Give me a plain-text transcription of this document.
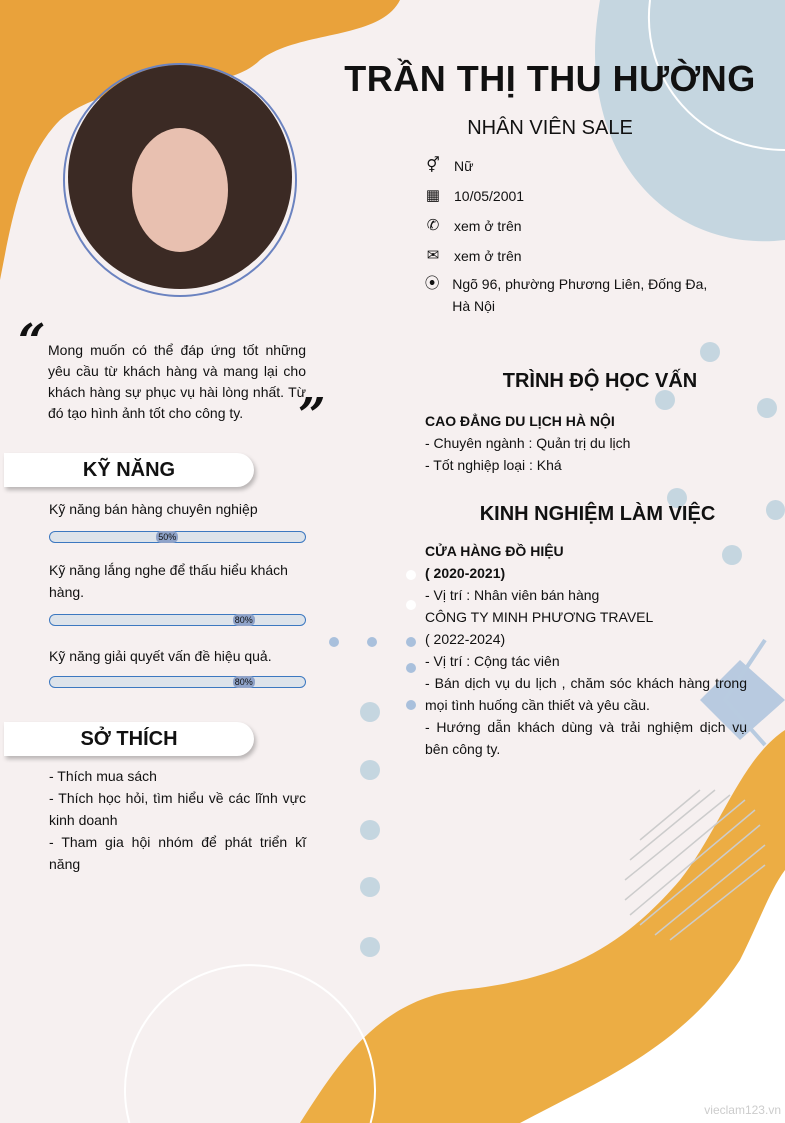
TRẦN THỊ THU HƯỜNG
NHÂN VIÊN SALE
⚥ Nữ
▦ 10/05/2001
✆ xem ở trên
✉ xem ở trên
⦿ Ngõ 96, phường Phương Liên, Đống Đa, Hà Nội
“ Mong muốn có thể đáp ứng tốt những yêu cầu từ khách hàng và mang lại cho khách hàng sự phục vụ hài lòng nhất. Từ đó tạo hình ảnh tốt cho công ty.	”
KỸ NĂNG
Kỹ năng bán hàng chuyên nghiệp
50%
Kỹ năng lắng nghe để thấu hiểu khách hàng.
80%
Kỹ năng giải quyết vấn đề hiệu quả.
80%
SỞ THÍCH
- Thích mua sách
- Thích học hỏi, tìm hiểu về các lĩnh vực kinh doanh
- Tham gia hội nhóm để phát triển kĩ năng
TRÌNH ĐỘ HỌC VẤN
CAO ĐẲNG DU LỊCH HÀ NỘI
- Chuyên ngành : Quản trị du lịch
- Tốt nghiệp loại : Khá
KINH NGHIỆM LÀM VIỆC
CỬA HÀNG ĐỒ HIỆU
( 2020-2021)
- Vị trí : Nhân viên bán hàng
CÔNG TY MINH PHƯƠNG TRAVEL
( 2022-2024)
- Vị trí : Cộng tác viên
- Bán dịch vụ du lịch , chăm sóc khách hàng trong mọi tình huống cần thiết và yêu cầu.
- Hướng dẫn khách dùng và trải nghiệm dịch vụ bên công ty.
vieclam123.vn
